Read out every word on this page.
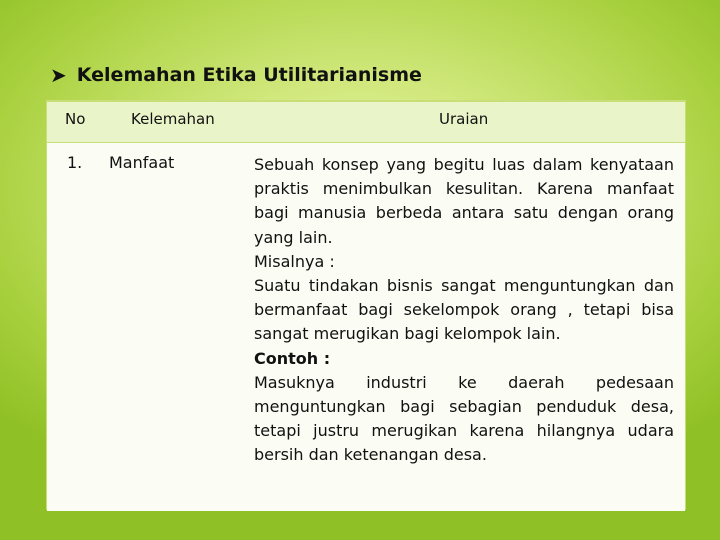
➤ Kelemahan Etika Utilitarianisme
No	Kelemahan	Uraian
1. Manfaat	Sebuah konsep yang begitu luas dalam kenyataan praktis menimbulkan kesulitan. Karena manfaat bagi manusia berbeda antara satu dengan orang yang lain.

Misalnya :

Suatu tindakan bisnis sangat menguntungkan dan bermanfaat bagi sekelompok orang , tetapi bisa sangat merugikan bagi kelompok lain.

Contoh :

Masuknya industri ke daerah pedesaan menguntungkan bagi sebagian penduduk desa, tetapi justru merugikan karena hilangnya udara bersih dan ketenangan desa.
